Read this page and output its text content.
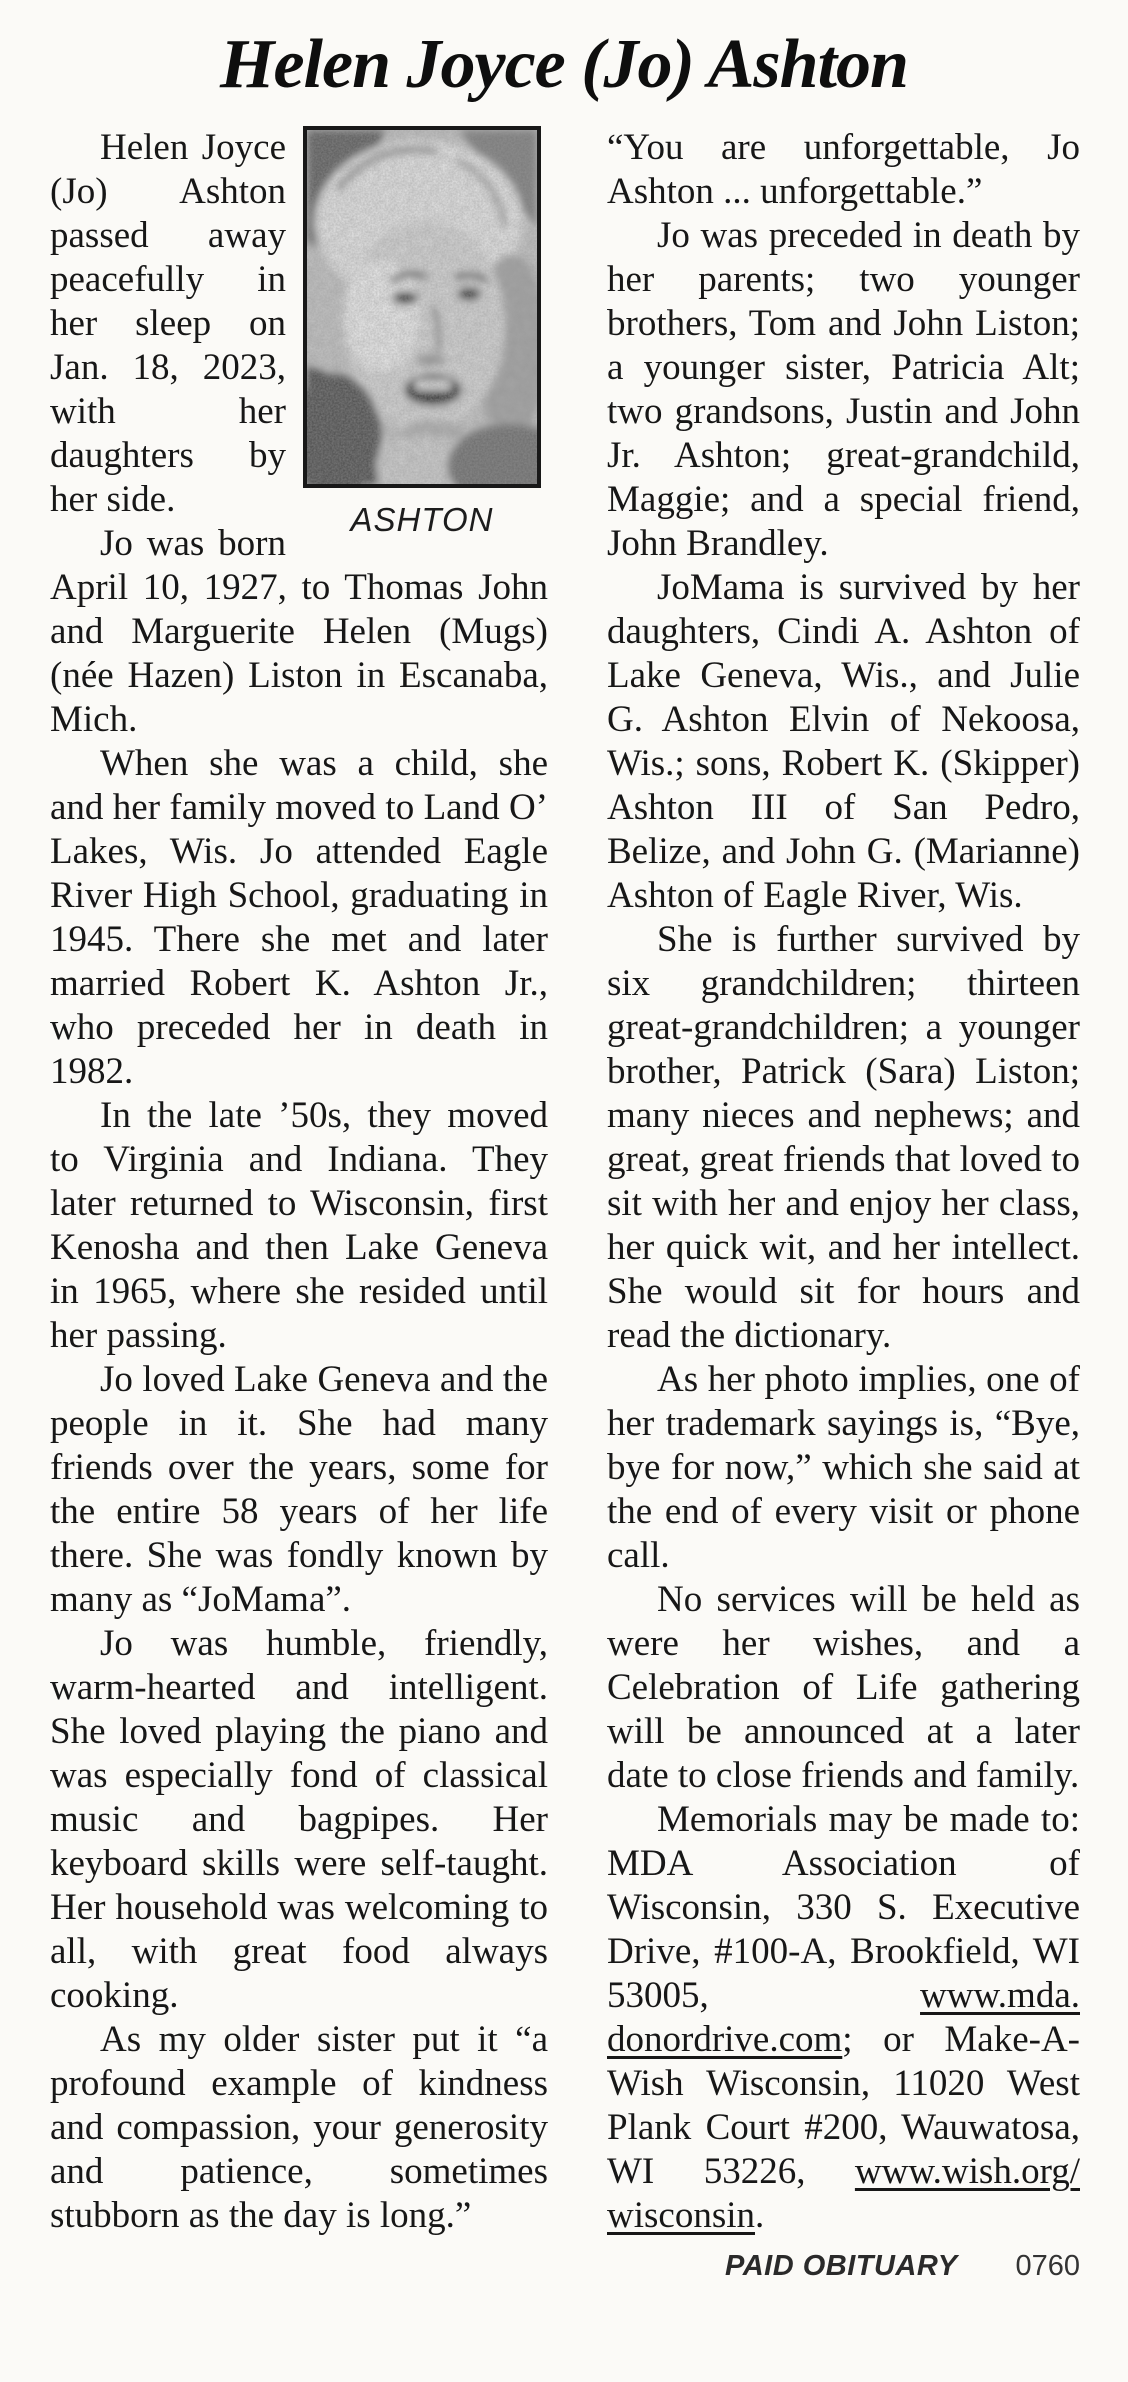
Helen Joyce (Jo) Ashton
ASHTON

Helen Joyce (Jo) Ashton passed away peacefully in her sleep on Jan. 18, 2023, with her daughters by her side.

Jo was born April 10, 1927, to Thomas John and Marguerite Helen (Mugs) (née Hazen) Liston in Escanaba, Mich.

When she was a child, she and her family moved to Land O’ Lakes, Wis. Jo attended Eagle River High School, graduating in 1945. There she met and later married Robert K. Ashton Jr., who preceded her in death in 1982.

In the late ’50s, they moved to Virginia and Indiana. They later returned to Wisconsin, first Kenosha and then Lake Geneva in 1965, where she resided until her passing.

Jo loved Lake Geneva and the people in it. She had many friends over the years, some for the entire 58 years of her life there. She was fondly known by many as “JoMama”.

Jo was humble, friendly, warm-hearted and intelligent. She loved playing the piano and was especially fond of classical music and bagpipes. Her keyboard skills were self-taught. Her household was welcoming to all, with great food always cooking.

As my older sister put it “a profound example of kindness and compassion, your generosity and patience, sometimes stubborn as the day is long.”

“You are unforgettable, Jo Ashton ... unforgettable.”

Jo was preceded in death by her parents; two younger brothers, Tom and John Liston; a younger sister, Patricia Alt; two grandsons, Justin and John Jr. Ashton; great-grandchild, Maggie; and a special friend, John Brandley.

JoMama is survived by her daughters, Cindi A. Ashton of Lake Geneva, Wis., and Julie G. Ashton Elvin of Nekoosa, Wis.; sons, Robert K. (Skipper) Ashton III of San Pedro, Belize, and John G. (Marianne) Ashton of Eagle River, Wis.

She is further survived by six grandchildren; thirteen great-grandchildren; a younger brother, Patrick (Sara) Liston; many nieces and nephews; and great, great friends that loved to sit with her and enjoy her class, her quick wit, and her intellect. She would sit for hours and read the dictionary.

As her photo implies, one of her trademark sayings is, “Bye, bye for now,” which she said at the end of every visit or phone call.

No services will be held as were her wishes, and a Celebration of Life gathering will be announced at a later date to close friends and family.

Memorials may be made to: MDA Association of Wisconsin, 330 S. Executive Drive, #100-A, Brookfield, WI 53005, www.mda.donordrive.com; or Make-A-Wish Wisconsin, 11020 West Plank Court #200, Wauwatosa, WI 53226, www.wish.org/wisconsin.

PAID OBITUARY 0760
